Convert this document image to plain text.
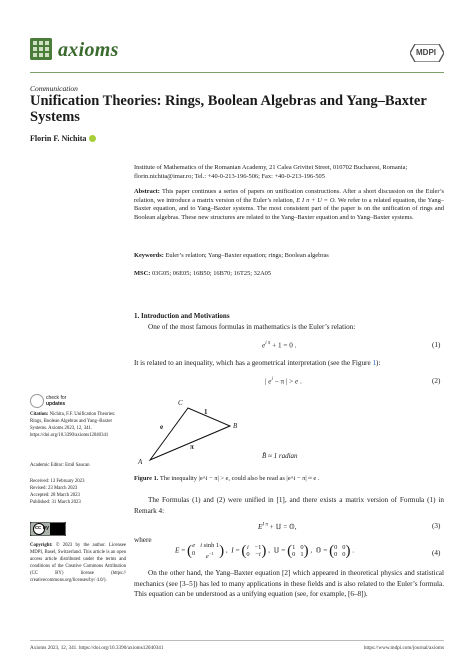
axioms	MDPI
Communication
Unification Theories: Rings, Boolean Algebras and Yang–Baxter Systems
Florin F. Nichita
Institute of Mathematics of the Romanian Academy, 21 Calea Grivitei Street, 010702 Bucharest, Romania;
florin.nichita@imar.ro; Tel.: +40-0-213-196-506; Fax: +40-0-213-196-505
Abstract: This paper continues a series of papers on unification constructions. After a short discussion on the Euler’s relation, we introduce a matrix version of the Euler’s relation, E I π + U = O. We refer to a related equation, the Yang–Baxter equation, and to Yang–Baxter systems. The most consistent part of the paper is on the unification of rings and Boolean algebras. These new structures are related to the Yang–Baxter equation and to Yang–Baxter systems.
Keywords: Euler’s relation; Yang–Baxter equation; rings; Boolean algebras
MSC: 03G05; 06E05; 16B50; 16B70; 16T25; 32A05
1. Introduction and Motivations
One of the most famous formulas in mathematics is the Euler’s relation:
$e^{i \pi} + 1 = 0$ .	(1)
It is related to an inequality, which has a geometrical interpretation (see the Figure 1):
| $e^i - \pi$ | > e .	(2)
C
B
A
e
1
π
B̂ ≈ 1 radian
Figure 1. The inequality |e^i − π| > e, could also be read as |e^i − π| ≈ e .
The Formulas (1) and (2) were unified in [1], and there exists a matrix version of Formula (1) in Remark 4:
$E^{I \pi}$ + 𝕌 = 𝕆,	(3)
where
E = ( e i sinh 1
0	$e^{-1}$ ) ,  I = ( i −1
0 −i ) ,  𝕌 = ( 1 0
0 1 ) ,  𝕆 = ( 0 0
0 0 ) .	(4)
On the other hand, the Yang–Baxter equation [2] which appeared in theoretical physics and statistical mechanics (see [3–5]) has led to many applications in these fields and is also related to the Euler’s formula. This equation can be understood as a unifying equation (see, for example, [6–8]).
check for
updates
Citation: Nichita, F.F. Unification Theories: Rings, Boolean Algebras and Yang–Baxter Systems. Axioms 2023, 12, 341. https://doi.org/10.3390/axioms12040341
Academic Editor: Emil Saucan
Received: 13 February 2023
Revised: 23 March 2023
Accepted: 28 March 2023
Published: 31 March 2023
cc by
Copyright: © 2023 by the author. Licensee MDPI, Basel, Switzerland. This article is an open access article distributed under the terms and conditions of the Creative Commons Attribution (CC BY) license (https:// creativecommons.org/licenses/by/ 4.0/).
Axioms 2023, 12, 341. https://doi.org/10.3390/axioms12040341	https://www.mdpi.com/journal/axioms
